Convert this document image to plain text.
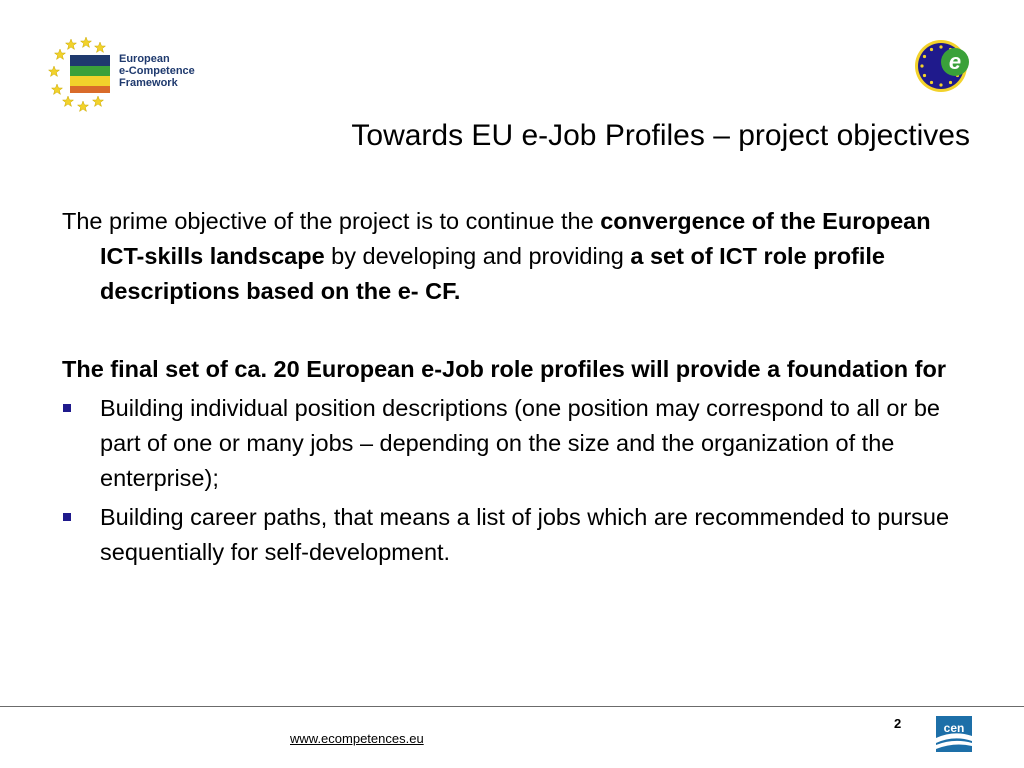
European
e-Competence
Framework
e
Towards EU e-Job Profiles – project objectives

The prime objective of the project is to continue the convergence of the European ICT-skills landscape by developing and providing a set of ICT role profile descriptions based on the e- CF.

The final set of ca. 20 European e-Job role profiles will provide a foundation for

Building individual position descriptions (one position may correspond to all or be part of one or many jobs – depending on the size and the organization of the enterprise);
Building career paths, that means a list of jobs which are recommended to pursue sequentially for self-development.
www.ecompetences.eu
2	cen
